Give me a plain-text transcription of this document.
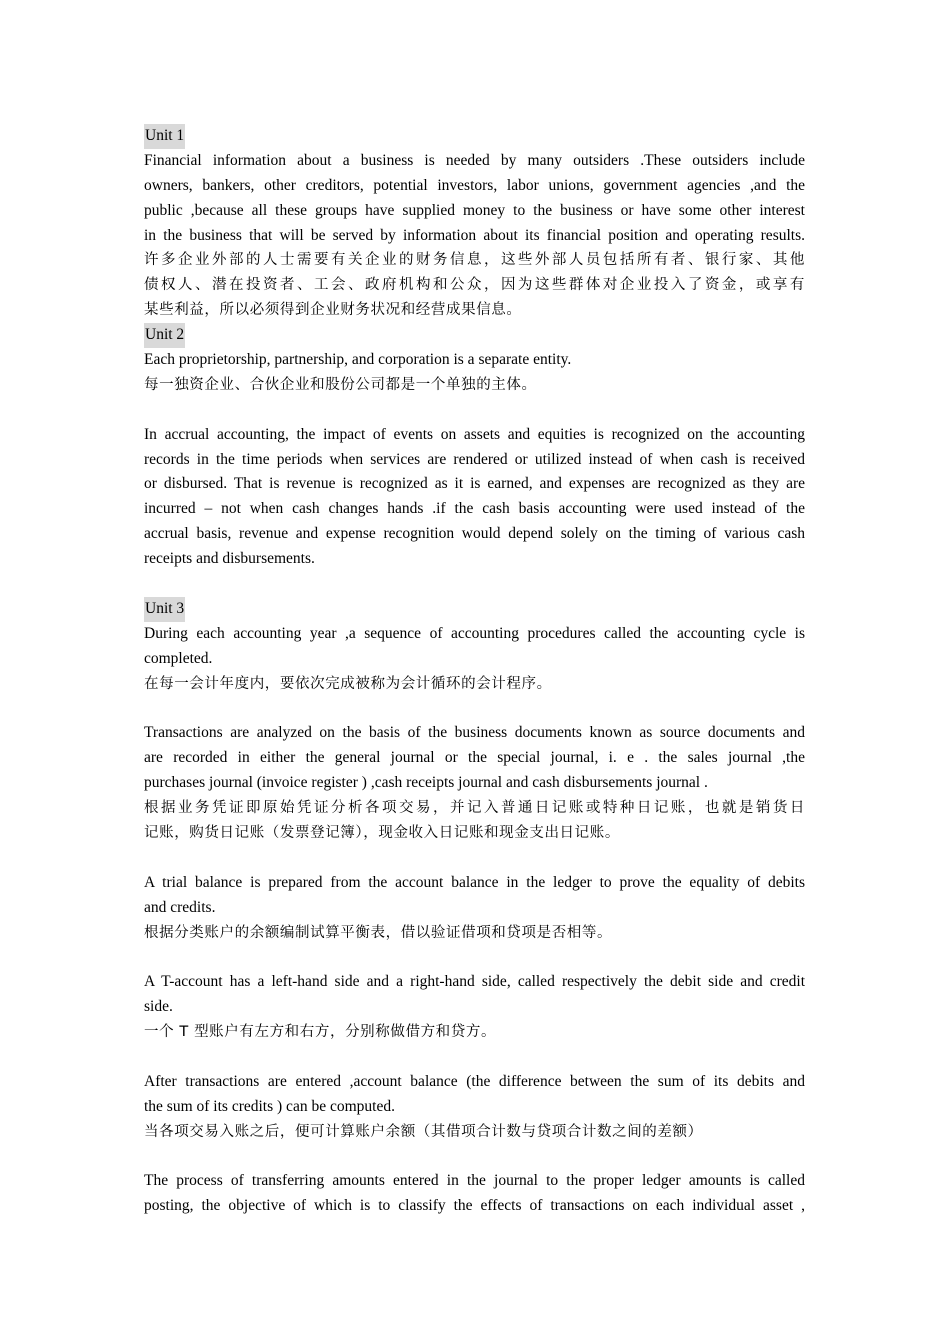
Unit 1
Financial information about a business is needed by many outsiders .These outsiders include
owners, bankers, other creditors, potential investors, labor unions, government agencies ,and the
public ,because all these groups have supplied money to the business or have some other interest
in the business that will be served by information about its financial position and operating results.
许多企业外部的人士需要有关企业的财务信息，这些外部人员包括所有者、银行家、其他
债权人、潜在投资者、工会、政府机构和公众，因为这些群体对企业投入了资金，或享有
某些利益，所以必须得到企业财务状况和经营成果信息。
Unit 2
Each proprietorship, partnership, and corporation is a separate entity.
每一独资企业、合伙企业和股份公司都是一个单独的主体。
In accrual accounting, the impact of events on assets and equities is recognized on the accounting
records in the time periods when services are rendered or utilized instead of when cash is received
or disbursed. That is revenue is recognized as it is earned, and expenses are recognized as they are
incurred – not when cash changes hands .if the cash basis accounting were used instead of the
accrual basis, revenue and expense recognition would depend solely on the timing of various cash
receipts and disbursements.
Unit 3
During each accounting year ,a sequence of accounting procedures called the accounting cycle is
completed.
在每一会计年度内，要依次完成被称为会计循环的会计程序。
Transactions are analyzed on the basis of the business documents known as source documents and
are recorded in either the general journal or the special journal, i. e . the sales journal ,the
purchases journal (invoice register ) ,cash receipts journal and cash disbursements journal .
根据业务凭证即原始凭证分析各项交易，并记入普通日记账或特种日记账，也就是销货日
记账，购货日记账（发票登记簿），现金收入日记账和现金支出日记账。
A trial balance is prepared from the account balance in the ledger to prove the equality of debits
and credits.
根据分类账户的余额编制试算平衡表，借以验证借项和贷项是否相等。
A T-account has a left-hand side and a right-hand side, called respectively the debit side and credit
side.
一个 T 型账户有左方和右方，分别称做借方和贷方。
After transactions are entered ,account balance (the difference between the sum of its debits and
the sum of its credits ) can be computed.
当各项交易入账之后，便可计算账户余额（其借项合计数与贷项合计数之间的差额）
The process of transferring amounts entered in the journal to the proper ledger amounts is called
posting, the objective of which is to classify the effects of transactions on each individual asset ,
